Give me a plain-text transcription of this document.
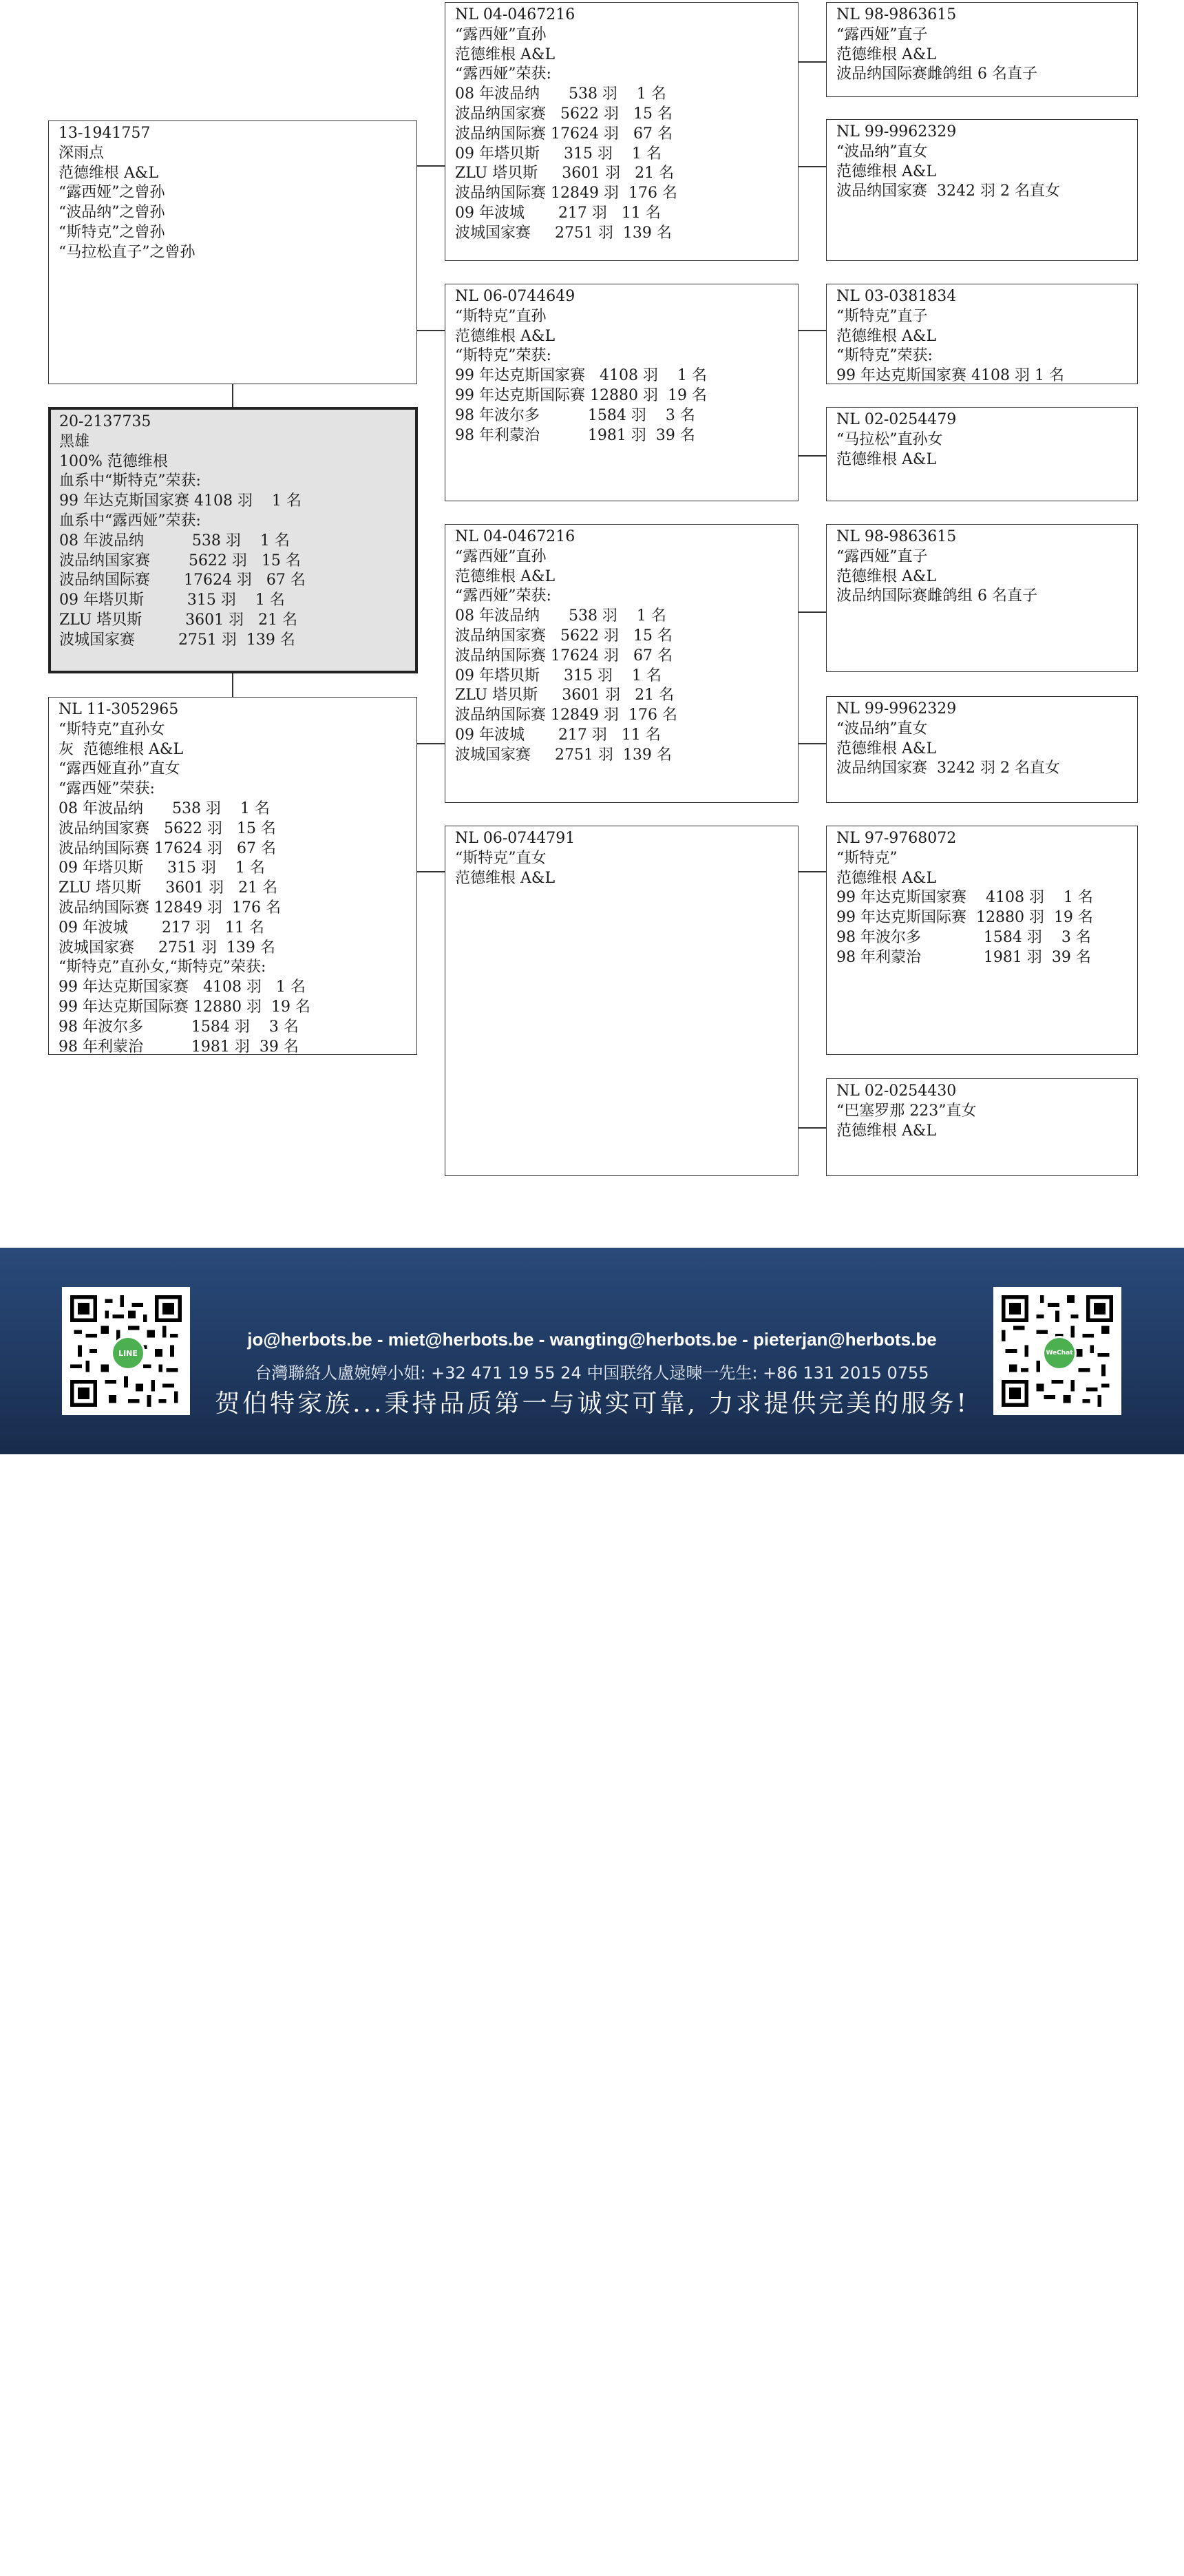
13-1941757
深雨点
范德维根 A&L
“露西娅”之曾孙
“波品纳”之曾孙
“斯特克”之曾孙
“马拉松直子”之曾孙
20-2137735
黑雄
100% 范德维根
血系中“斯特克”荣获:
99 年达克斯国家赛 4108 羽    1 名
血系中“露西娅”荣获:
08 年波品纳          538 羽    1 名
波品纳国家赛        5622 羽   15 名
波品纳国际赛       17624 羽   67 名
09 年塔贝斯         315 羽    1 名
ZLU 塔贝斯         3601 羽   21 名
波城国家赛         2751 羽  139 名
NL 11-3052965
“斯特克”直孙女
灰  范德维根 A&L
“露西娅直孙”直女
“露西娅”荣获:
08 年波品纳      538 羽    1 名
波品纳国家赛   5622 羽   15 名
波品纳国际赛 17624 羽   67 名
09 年塔贝斯     315 羽    1 名
ZLU 塔贝斯     3601 羽   21 名
波品纳国际赛 12849 羽  176 名
09 年波城       217 羽   11 名
波城国家赛     2751 羽  139 名
“斯特克”直孙女,“斯特克”荣获:
99 年达克斯国家赛   4108 羽   1 名
99 年达克斯国际赛 12880 羽  19 名
98 年波尔多          1584 羽    3 名
98 年利蒙治          1981 羽  39 名
NL 04-0467216
“露西娅”直孙
范德维根 A&L
“露西娅”荣获:
08 年波品纳      538 羽    1 名
波品纳国家赛   5622 羽   15 名
波品纳国际赛 17624 羽   67 名
09 年塔贝斯     315 羽    1 名
ZLU 塔贝斯     3601 羽   21 名
波品纳国际赛 12849 羽  176 名
09 年波城       217 羽   11 名
波城国家赛     2751 羽  139 名
NL 06-0744649
“斯特克”直孙
范德维根 A&L
“斯特克”荣获:
99 年达克斯国家赛   4108 羽    1 名
99 年达克斯国际赛 12880 羽  19 名
98 年波尔多          1584 羽    3 名
98 年利蒙治          1981 羽  39 名
NL 04-0467216
“露西娅”直孙
范德维根 A&L
“露西娅”荣获:
08 年波品纳      538 羽    1 名
波品纳国家赛   5622 羽   15 名
波品纳国际赛 17624 羽   67 名
09 年塔贝斯     315 羽    1 名
ZLU 塔贝斯     3601 羽   21 名
波品纳国际赛 12849 羽  176 名
09 年波城       217 羽   11 名
波城国家赛     2751 羽  139 名
NL 06-0744791
“斯特克”直女
范德维根 A&L
NL 98-9863615
“露西娅”直子
范德维根 A&L
波品纳国际赛雌鸽组 6 名直子
NL 99-9962329
“波品纳”直女
范德维根 A&L
波品纳国家赛  3242 羽 2 名直女
NL 03-0381834
“斯特克”直子
范德维根 A&L
“斯特克”荣获:
99 年达克斯国家赛 4108 羽 1 名
NL 02-0254479
“马拉松”直孙女
范德维根 A&L
NL 98-9863615
“露西娅”直子
范德维根 A&L
波品纳国际赛雌鸽组 6 名直子
NL 99-9962329
“波品纳”直女
范德维根 A&L
波品纳国家赛  3242 羽 2 名直女
NL 97-9768072
“斯特克”
范德维根 A&L
99 年达克斯国家赛    4108 羽    1 名
99 年达克斯国际赛  12880 羽  19 名
98 年波尔多             1584 羽    3 名
98 年利蒙治             1981 羽  39 名
NL 02-0254430
“巴塞罗那 223”直女
范德维根 A&L
LINE
Herbots 品质至上 WWW.HERBOTS.BE
WeChat
jo@herbots.be - miet@herbots.be - wangting@herbots.be - pieterjan@herbots.be
台灣聯絡人盧婉婷小姐: +32 471 19 55 24 中国联络人逯暕一先生: +86 131 2015 0755
贺伯特家族...秉持品质第一与诚实可靠, 力求提供完美的服务!
